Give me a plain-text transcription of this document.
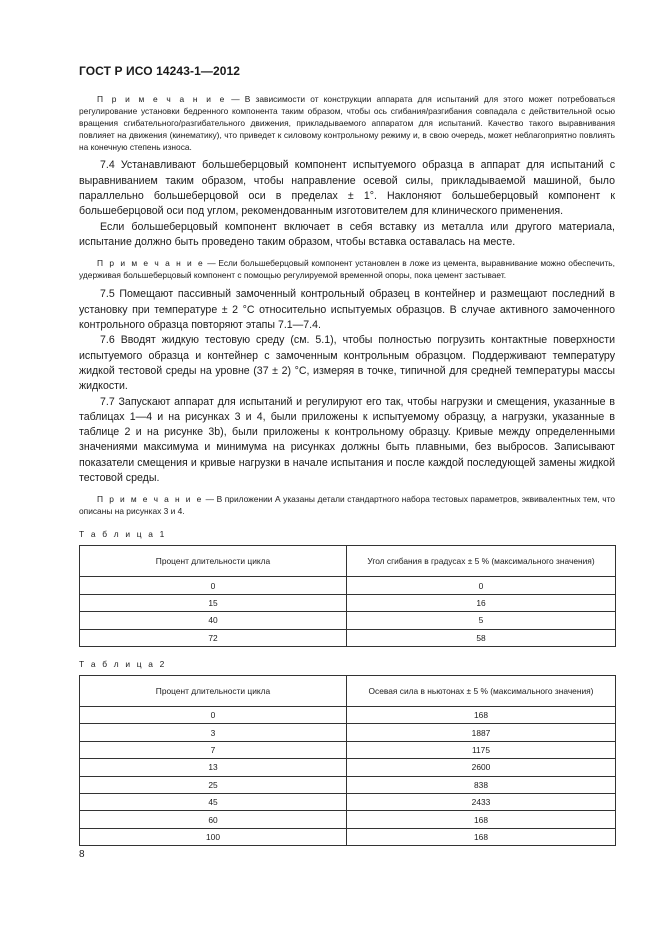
ГОСТ Р ИСО 14243-1—2012

П р и м е ч а н и е — В зависимости от конструкции аппарата для испытаний для этого может потребоваться регулирование установки бедренного компонента таким образом, чтобы ось сгибания/разгибания совпадала с действительной осью вращения сгибательного/разгибательного движения, прикладываемого аппаратом для испытаний. Качество такого выравнивания повлияет на движения (кинематику), что приведет к силовому контрольному режиму и, в свою очередь, может неблагоприятно повлиять на конечную степень износа.

7.4 Устанавливают большеберцовый компонент испытуемого образца в аппарат для испытаний с выравниванием таким образом, чтобы направление осевой силы, прикладываемой машиной, было параллельно большеберцовой оси в пределах ± 1°. Наклоняют большеберцовый компонент к большеберцовой оси под углом, рекомендованным изготовителем для клинического применения.

Если большеберцовый компонент включает в себя вставку из металла или другого материала, испытание должно быть проведено таким образом, чтобы вставка оставалась на месте.

П р и м е ч а н и е — Если большеберцовый компонент установлен в ложе из цемента, выравнивание можно обеспечить, удерживая большеберцовый компонент с помощью регулируемой временной опоры, пока цемент застывает.

7.5 Помещают пассивный замоченный контрольный образец в контейнер и размещают последний в установку при температуре ± 2 °С относительно испытуемых образцов. В случае активного замоченного контрольного образца повторяют этапы 7.1—7.4.

7.6 Вводят жидкую тестовую среду (см. 5.1), чтобы полностью погрузить контактные поверхности испытуемого образца и контейнер с замоченным контрольным образцом. Поддерживают температуру жидкой тестовой среды на уровне (37 ± 2) °С, измеряя в точке, типичной для средней температуры массы жидкости.

7.7 Запускают аппарат для испытаний и регулируют его так, чтобы нагрузки и смещения, указанные в таблицах 1—4 и на рисунках 3 и 4, были приложены к испытуемому образцу, а нагрузки, указанные в таблице 2 и на рисунке 3b), были приложены к контрольному образцу. Кривые между определенными значениями максимума и минимума на рисунках должны быть плавными, без выбросов. Записывают показатели смещения и кривые нагрузки в начале испытания и после каждой последующей замены жидкой тестовой среды.

П р и м е ч а н и е — В приложении А указаны детали стандартного набора тестовых параметров, эквивалентных тем, что описаны на рисунках 3 и 4.

Т а б л и ц а 1

Процент длительности цикла	Угол сгибания в градусах ± 5 % (максимального значения)
0	0
15	16
40	5
72	58

Т а б л и ц а 2

Процент длительности цикла	Осевая сила в ньютонах ± 5 % (максимального значения)
0	168
3	1887
7	1175
13	2600
25	838
45	2433
60	168
100	168
8
